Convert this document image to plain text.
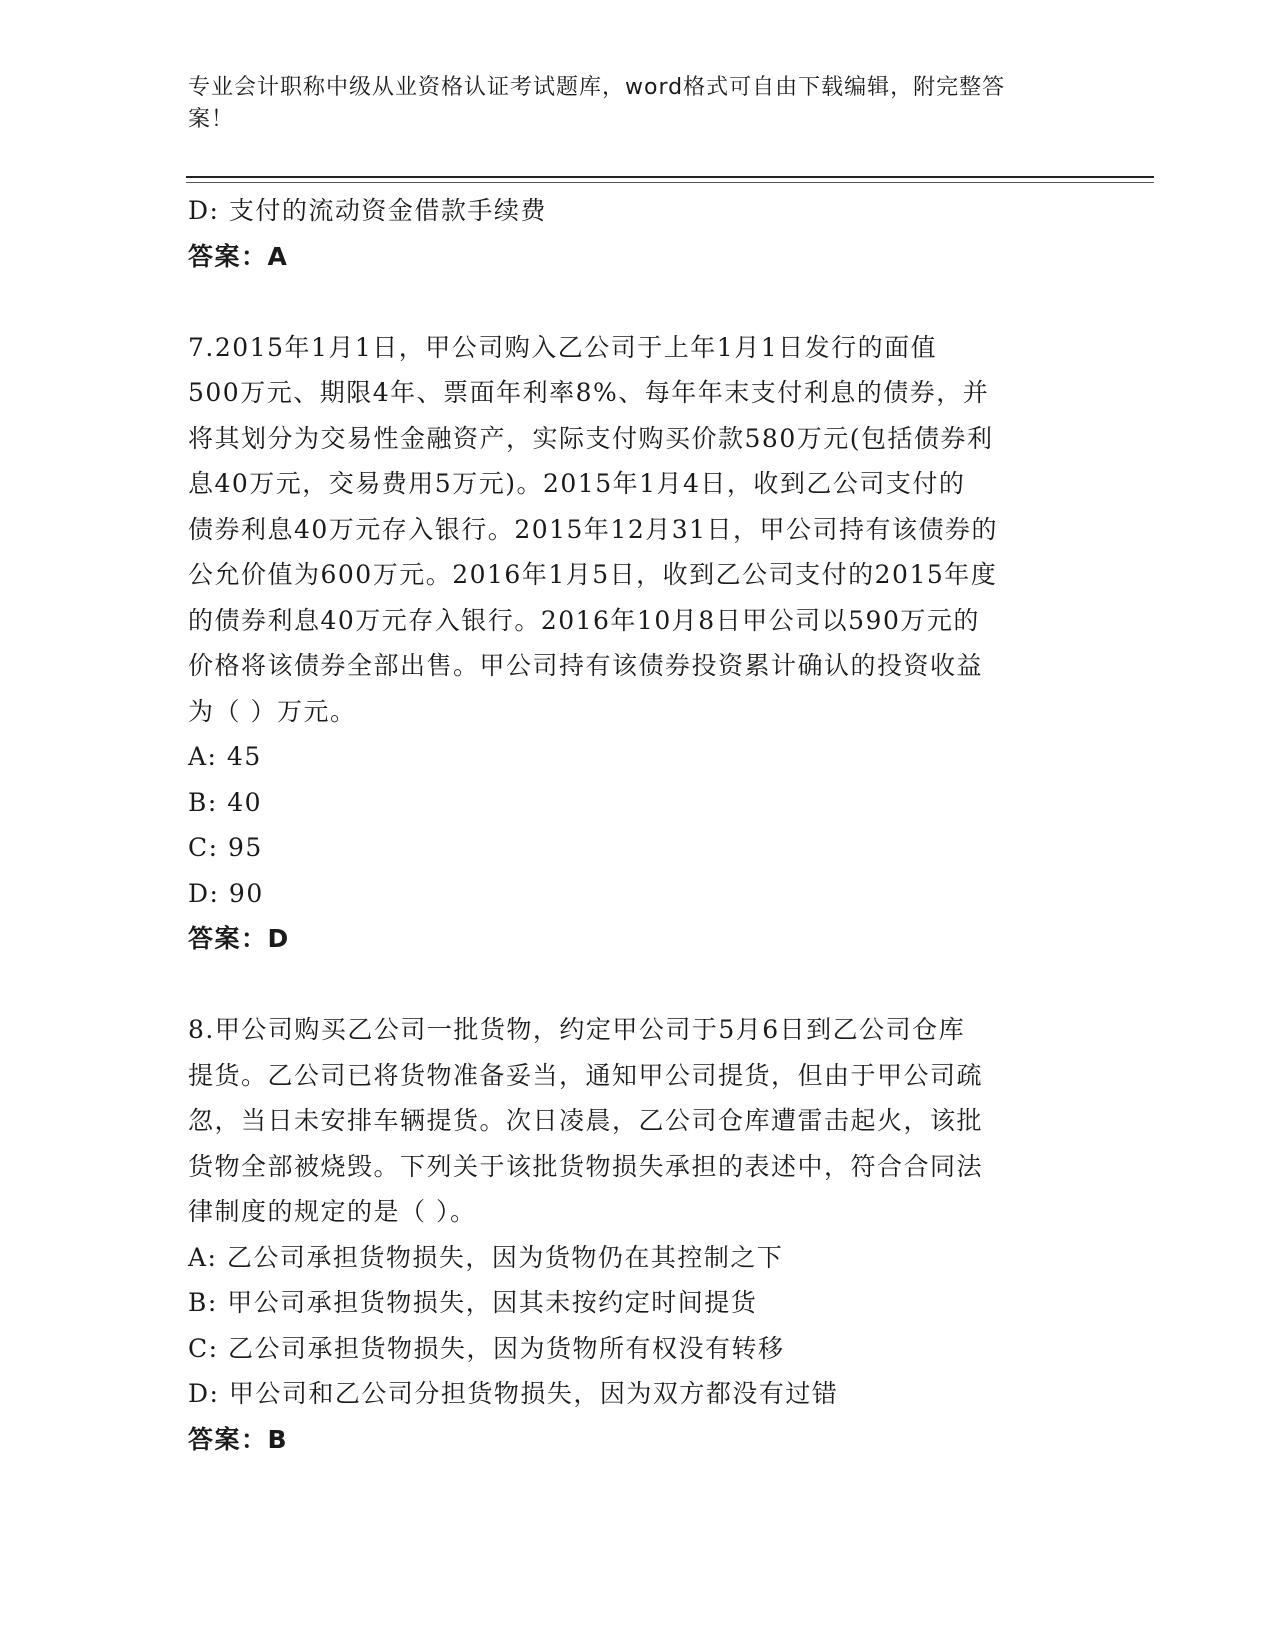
专业会计职称中级从业资格认证考试题库，word格式可自由下载编辑，附完整答
案！
D: 支付的流动资金借款手续费
答案：A
7.2015年1月1日，甲公司购入乙公司于上年1月1日发行的面值
500万元、期限4年、票面年利率8%、每年年末支付利息的债券，并
将其划分为交易性金融资产，实际支付购买价款580万元(包括债券利
息40万元，交易费用5万元)。2015年1月4日，收到乙公司支付的
债券利息40万元存入银行。2015年12月31日，甲公司持有该债券的
公允价值为600万元。2016年1月5日，收到乙公司支付的2015年度
的债券利息40万元存入银行。2016年10月8日甲公司以590万元的
价格将该债券全部出售。甲公司持有该债券投资累计确认的投资收益
为（ ）万元。
A: 45
B: 40
C: 95
D: 90
答案：D
8.甲公司购买乙公司一批货物，约定甲公司于5月6日到乙公司仓库
提货。乙公司已将货物准备妥当，通知甲公司提货，但由于甲公司疏
忽，当日未安排车辆提货。次日凌晨，乙公司仓库遭雷击起火，该批
货物全部被烧毁。下列关于该批货物损失承担的表述中，符合合同法
律制度的规定的是（ ）。
A: 乙公司承担货物损失，因为货物仍在其控制之下
B: 甲公司承担货物损失，因其未按约定时间提货
C: 乙公司承担货物损失，因为货物所有权没有转移
D: 甲公司和乙公司分担货物损失，因为双方都没有过错
答案：B
